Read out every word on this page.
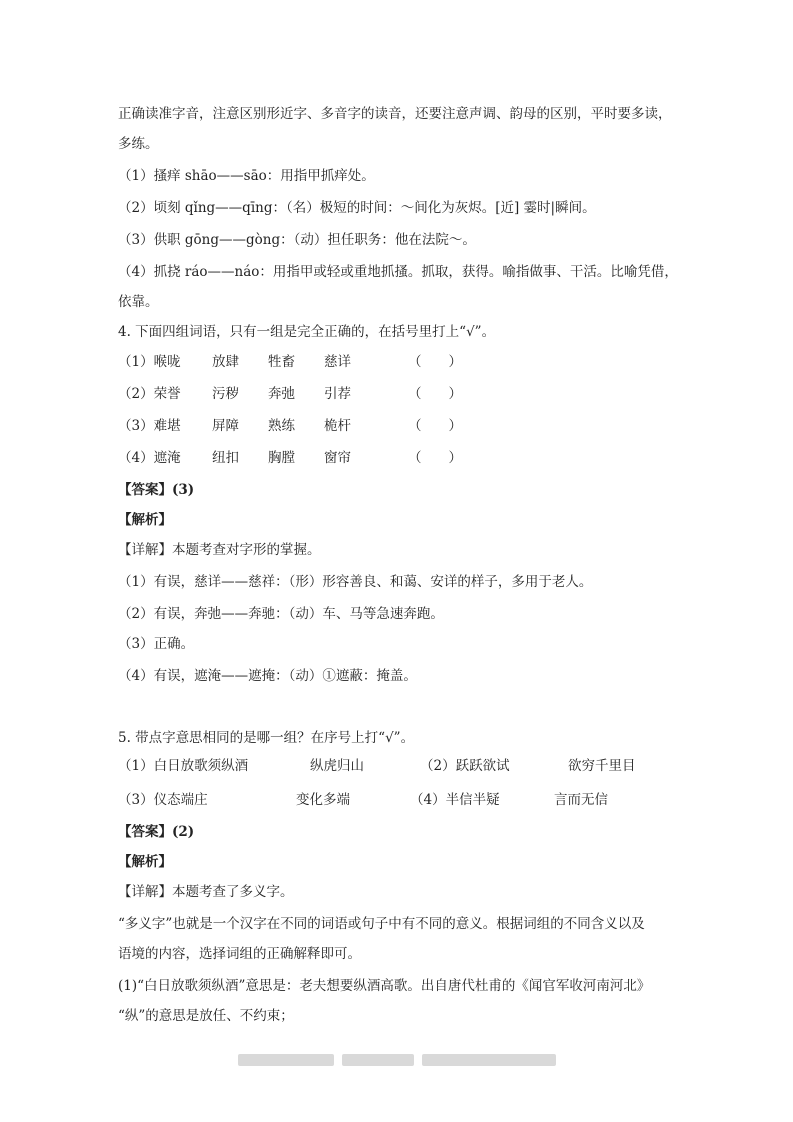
正确读准字音，注意区别形近字、多音字的读音，还要注意声调、韵母的区别，平时要多读，
多练。
（1）搔痒 shāo——sāo：用指甲抓痒处。
（2）顷刻 qǐng——qīng：（名）极短的时间：～间化为灰烬。[近] 霎时|瞬间。
（3）供职 gōng——gòng：（动）担任职务：他在法院～。
（4）抓挠 ráo——náo：用指甲或轻或重地抓搔。抓取，获得。喻指做事、干活。比喻凭借，
依靠。
4. 下面四组词语，只有一组是完全正确的，在括号里打上“√”。
（1）喉咙 放肆 牲畜 慈详	（　　）
（2）荣誉 污秽 奔弛 引荐	（　　）
（3）难堪 屏障 熟练 桅杆	（　　）
（4）遮淹 纽扣 胸膛 窗帘	（　　）
【答案】(3)
【解析】
【详解】本题考查对字形的掌握。
（1）有误，慈详——慈祥：（形）形容善良、和蔼、安详的样子，多用于老人。
（2）有误，奔弛——奔驰：（动）车、马等急速奔跑。
（3）正确。
（4）有误，遮淹——遮掩：（动）①遮蔽：掩盖。
5. 带点字意思相同的是哪一组？在序号上打“√”。
（1）白日放歌须纵酒	纵虎归山	（2）跃跃欲试	欲穷千里目
（3）仪态端庄	变化多端	（4）半信半疑	言而无信
【答案】(2)
【解析】
【详解】本题考查了多义字。
“多义字”也就是一个汉字在不同的词语或句子中有不同的意义。根据词组的不同含义以及
语境的内容，选择词组的正确解释即可。
(1)“白日放歌须纵酒”意思是：老夫想要纵酒高歌。出自唐代杜甫的《闻官军收河南河北》
“纵”的意思是放任、不约束；
